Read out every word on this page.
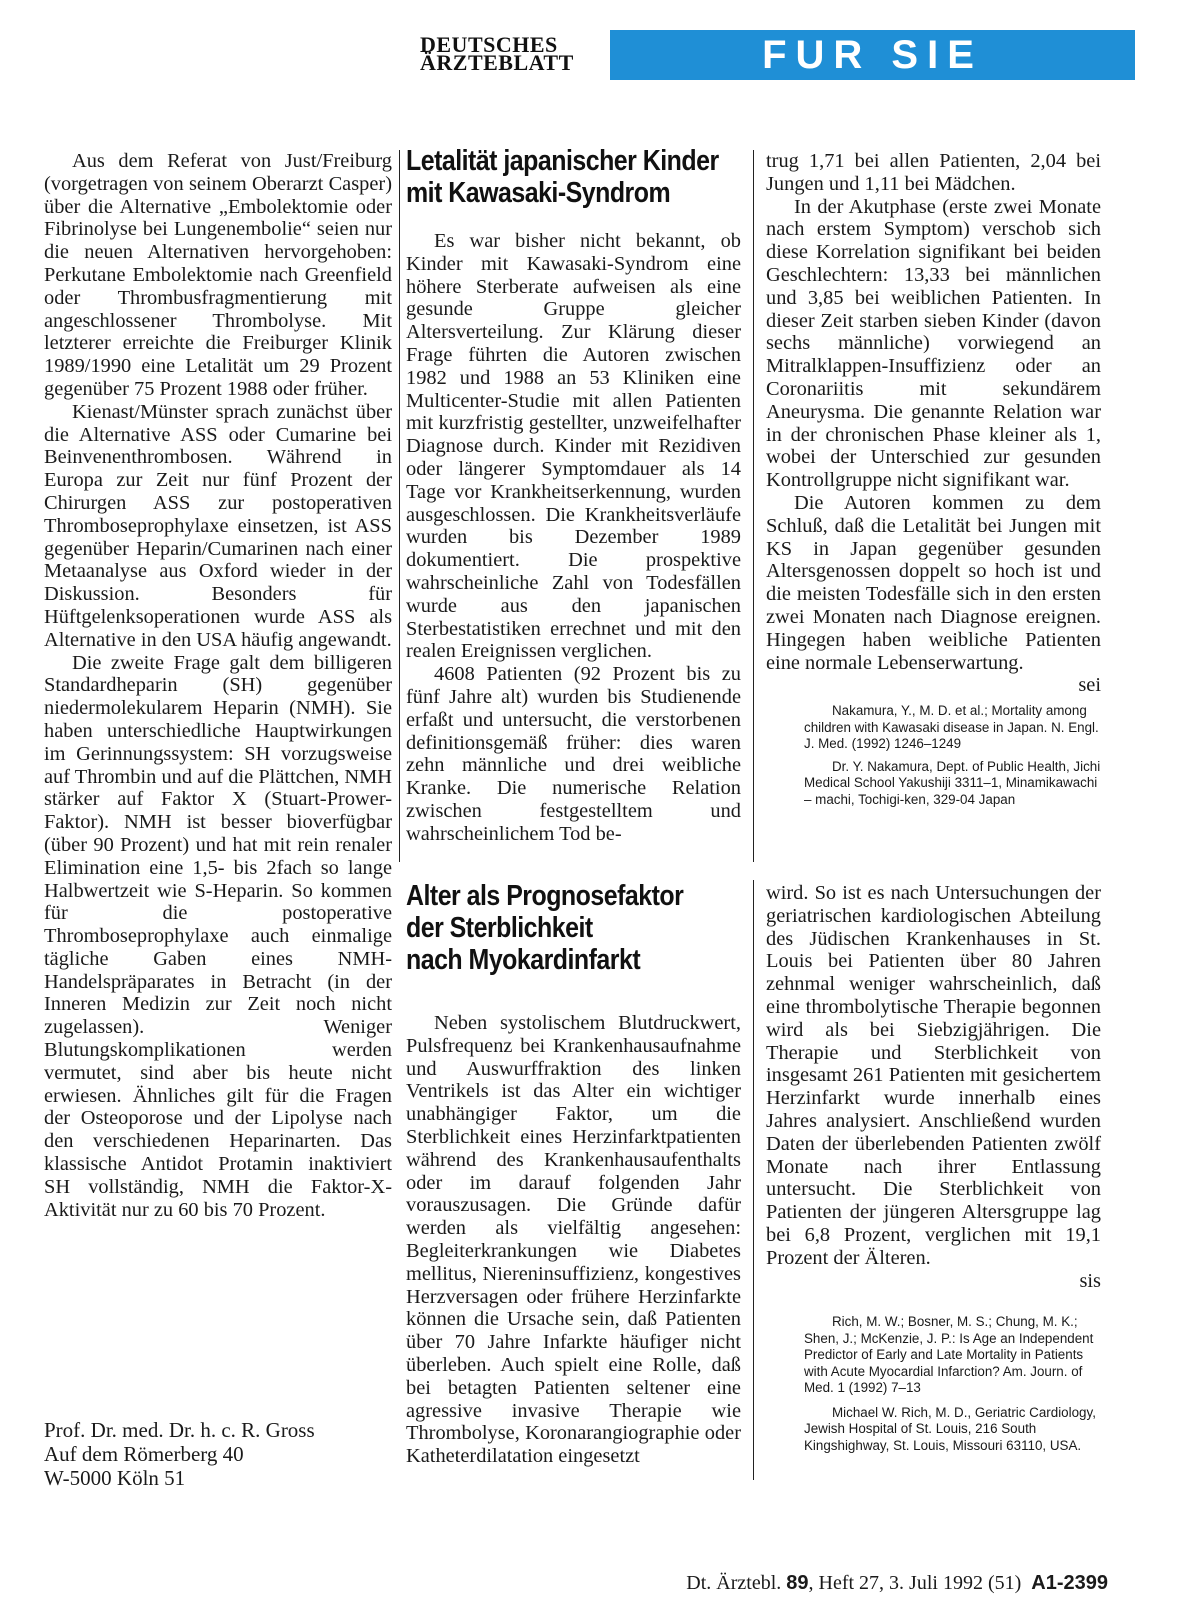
DEUTSCHES
ÄRZTEBLATT	FUR SIE REFERIERT

Aus dem Referat von Just/Freiburg (vorgetragen von seinem Oberarzt Casper) über die Alternative „Embolektomie oder Fibrinolyse bei Lungenembolie“ seien nur die neuen Alternativen hervorgehoben: Perkutane Embolektomie nach Greenfield oder Thrombusfragmentierung mit angeschlossener Thrombolyse. Mit letzterer erreichte die Freiburger Klinik 1989/1990 eine Letalität um 29 Prozent gegenüber 75 Prozent 1988 oder früher.

Kienast/Münster sprach zunächst über die Alternative ASS oder Cumarine bei Beinvenenthrombosen. Während in Europa zur Zeit nur fünf Prozent der Chirurgen ASS zur postoperativen Thromboseprophylaxe einsetzen, ist ASS gegenüber Heparin/Cumarinen nach einer Metaanalyse aus Oxford wieder in der Diskussion. Besonders für Hüftgelenksoperationen wurde ASS als Alternative in den USA häufig angewandt.

Die zweite Frage galt dem billigeren Standardheparin (SH) gegenüber niedermolekularem Heparin (NMH). Sie haben unterschiedliche Hauptwirkungen im Gerinnungssystem: SH vorzugsweise auf Thrombin und auf die Plättchen, NMH stärker auf Faktor X (Stuart-Prower-Faktor). NMH ist besser bioverfügbar (über 90 Prozent) und hat mit rein renaler Elimination eine 1,5- bis 2fach so lange Halbwertzeit wie S-Heparin. So kommen für die postoperative Thromboseprophylaxe auch einmalige tägliche Gaben eines NMH-Handelspräparates in Betracht (in der Inneren Medizin zur Zeit noch nicht zugelassen). Weniger Blutungskomplikationen werden vermutet, sind aber bis heute nicht erwiesen. Ähnliches gilt für die Fragen der Osteoporose und der Lipolyse nach den verschiedenen Heparinarten. Das klassische Antidot Protamin inaktiviert SH vollständig, NMH die Faktor-X-Aktivität nur zu 60 bis 70 Prozent.

Prof. Dr. med. Dr. h. c. R. Gross
Auf dem Römerberg 40
W-5000 Köln 51
Letalität japanischer Kinder
mit Kawasaki-Syndrom

Es war bisher nicht bekannt, ob Kinder mit Kawasaki-Syndrom eine höhere Sterberate aufweisen als eine gesunde Gruppe gleicher Altersverteilung. Zur Klärung dieser Frage führten die Autoren zwischen 1982 und 1988 an 53 Kliniken eine Multicenter-Studie mit allen Patienten mit kurzfristig gestellter, unzweifelhafter Diagnose durch. Kinder mit Rezidiven oder längerer Symptomdauer als 14 Tage vor Krankheitserkennung, wurden ausgeschlossen. Die Krankheitsverläufe wurden bis Dezember 1989 dokumentiert. Die prospektive wahrscheinliche Zahl von Todesfällen wurde aus den japanischen Sterbestatistiken errechnet und mit den realen Ereignissen verglichen.

4608 Patienten (92 Prozent bis zu fünf Jahre alt) wurden bis Studienende erfaßt und untersucht, die verstorbenen definitionsgemäß früher: dies waren zehn männliche und drei weibliche Kranke. Die numerische Relation zwischen festgestelltem und wahrscheinlichem Tod be-

trug 1,71 bei allen Patienten, 2,04 bei Jungen und 1,11 bei Mädchen.

In der Akutphase (erste zwei Monate nach erstem Symptom) verschob sich diese Korrelation signifikant bei beiden Geschlechtern: 13,33 bei männlichen und 3,85 bei weiblichen Patienten. In dieser Zeit starben sieben Kinder (davon sechs männliche) vorwiegend an Mitralklappen-Insuffizienz oder an Coronariitis mit sekundärem Aneurysma. Die genannte Relation war in der chronischen Phase kleiner als 1, wobei der Unterschied zur gesunden Kontrollgruppe nicht signifikant war.

Die Autoren kommen zu dem Schluß, daß die Letalität bei Jungen mit KS in Japan gegenüber gesunden Altersgenossen doppelt so hoch ist und die meisten Todesfälle sich in den ersten zwei Monaten nach Diagnose ereignen. Hingegen haben weibliche Patienten eine normale Lebenserwartung.

sei

Nakamura, Y., M. D. et al.; Mortality among children with Kawasaki disease in Japan. N. Engl. J. Med. (1992) 1246–1249

Dr. Y. Nakamura, Dept. of Public Health, Jichi Medical School Yakushiji 3311–1, Minamikawachi – machi, Tochigi-ken, 329-04 Japan

Alter als Prognosefaktor
der Sterblichkeit
nach Myokardinfarkt

Neben systolischem Blutdruckwert, Pulsfrequenz bei Krankenhausaufnahme und Auswurffraktion des linken Ventrikels ist das Alter ein wichtiger unabhängiger Faktor, um die Sterblichkeit eines Herzinfarktpatienten während des Krankenhausaufenthalts oder im darauf folgenden Jahr vorauszusagen. Die Gründe dafür werden als vielfältig angesehen: Begleiterkrankungen wie Diabetes mellitus, Niereninsuffizienz, kongestives Herzversagen oder frühere Herzinfarkte können die Ursache sein, daß Patienten über 70 Jahre Infarkte häufiger nicht überleben. Auch spielt eine Rolle, daß bei betagten Patienten seltener eine agressive invasive Therapie wie Thrombolyse, Koronarangiographie oder Katheterdilatation eingesetzt

wird. So ist es nach Untersuchungen der geriatrischen kardiologischen Abteilung des Jüdischen Krankenhauses in St. Louis bei Patienten über 80 Jahren zehnmal weniger wahrscheinlich, daß eine thrombolytische Therapie begonnen wird als bei Siebzigjährigen. Die Therapie und Sterblichkeit von insgesamt 261 Patienten mit gesichertem Herzinfarkt wurde innerhalb eines Jahres analysiert. Anschließend wurden Daten der überlebenden Patienten zwölf Monate nach ihrer Entlassung untersucht. Die Sterblichkeit von Patienten der jüngeren Altersgruppe lag bei 6,8 Prozent, verglichen mit 19,1 Prozent der Älteren.

sis

Rich, M. W.; Bosner, M. S.; Chung, M. K.; Shen, J.; McKenzie, J. P.: Is Age an Independent Predictor of Early and Late Mortality in Patients with Acute Myocardial Infarction? Am. Journ. of Med. 1 (1992) 7–13

Michael W. Rich, M. D., Geriatric Cardiology, Jewish Hospital of St. Louis, 216 South Kingshighway, St. Louis, Missouri 63110, USA.

Dt. Ärztebl. 89, Heft 27, 3. Juli 1992 (51) A1-2399
